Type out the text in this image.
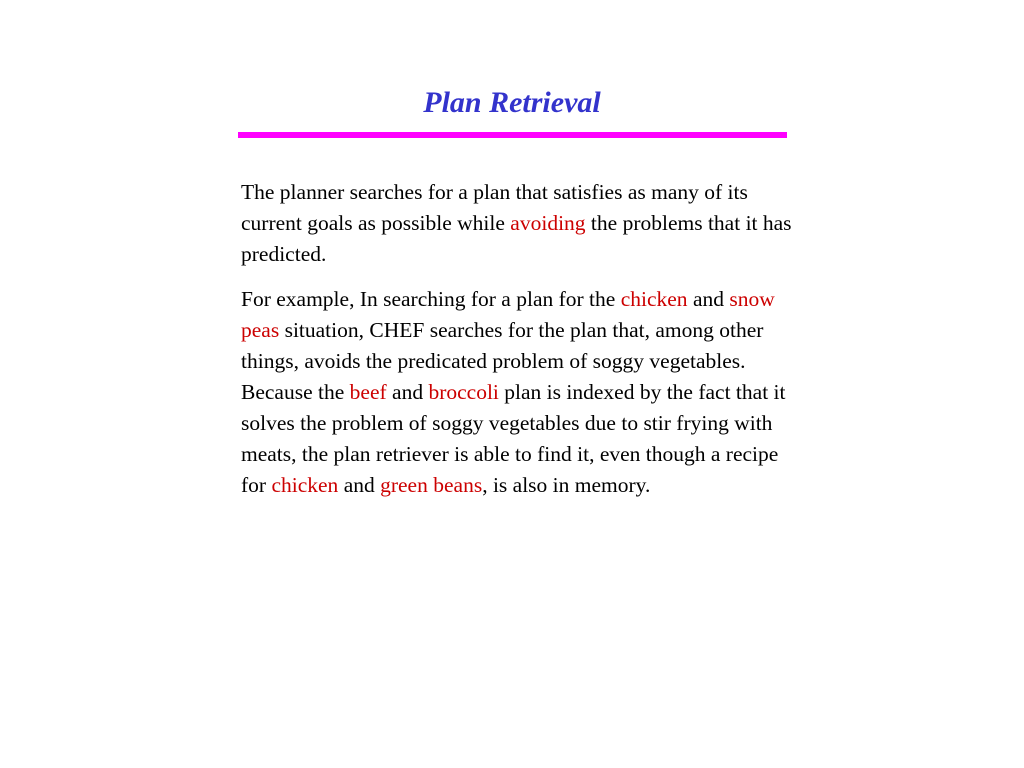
Plan Retrieval

The planner searches for a plan that satisfies as many of its current goals as possible while avoiding the problems that it has predicted.

For example, In searching for a plan for the chicken and snow peas situation, CHEF searches for the plan that, among other things, avoids the predicated problem of soggy vegetables. Because the beef and broccoli plan is indexed by the fact that it solves the problem of soggy vegetables due to stir frying with meats, the plan retriever is able to find it, even though a recipe for chicken and green beans, is also in memory.
